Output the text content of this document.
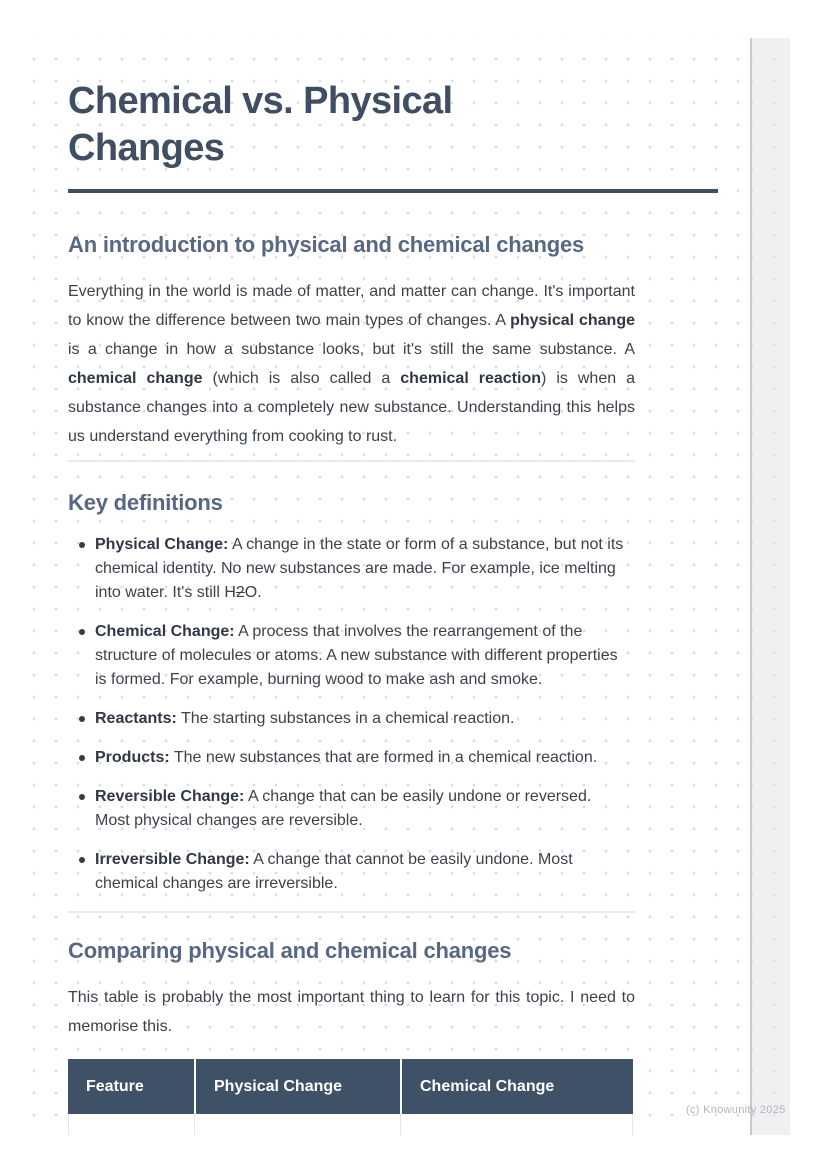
Chemical vs. Physical Changes
An introduction to physical and chemical changes

Everything in the world is made of matter, and matter can change. It's important to know the difference between two main types of changes. A physical change is a change in how a substance looks, but it's still the same substance. A chemical change (which is also called a chemical reaction) is when a substance changes into a completely new substance. Understanding this helps us understand everything from cooking to rust.

Key definitions
Physical Change: A change in the state or form of a substance, but not its chemical identity. No new substances are made. For example, ice melting into water. It's still H2O.
Chemical Change: A process that involves the rearrangement of the structure of molecules or atoms. A new substance with different properties is formed. For example, burning wood to make ash and smoke.
Reactants: The starting substances in a chemical reaction.
Products: The new substances that are formed in a chemical reaction.
Reversible Change: A change that can be easily undone or reversed. Most physical changes are reversible.
Irreversible Change: A change that cannot be easily undone. Most chemical changes are irreversible.
Comparing physical and chemical changes

This table is probably the most important thing to learn for this topic. I need to memorise this.

Feature	Physical Change	Chemical Change

(c) Knowunity 2025
